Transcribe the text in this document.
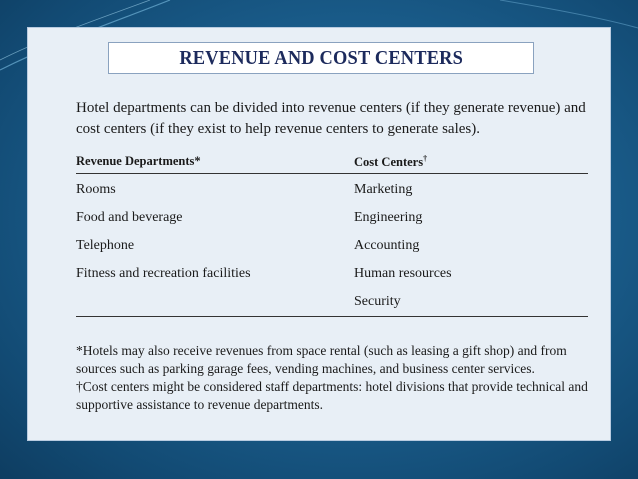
REVENUE AND COST CENTERS
Hotel departments can be divided into revenue centers (if they generate revenue) and cost centers (if they exist to help revenue centers to generate sales).
Revenue Departments*	Cost Centers†
Rooms
Food and beverage
Telephone
Fitness and recreation facilities
Marketing
Engineering
Accounting
Human resources
Security
*Hotels may also receive revenues from space rental (such as leasing a gift shop) and from sources such as parking garage fees, vending machines, and business center services.
†Cost centers might be considered staff departments: hotel divisions that provide technical and supportive assistance to revenue departments.
